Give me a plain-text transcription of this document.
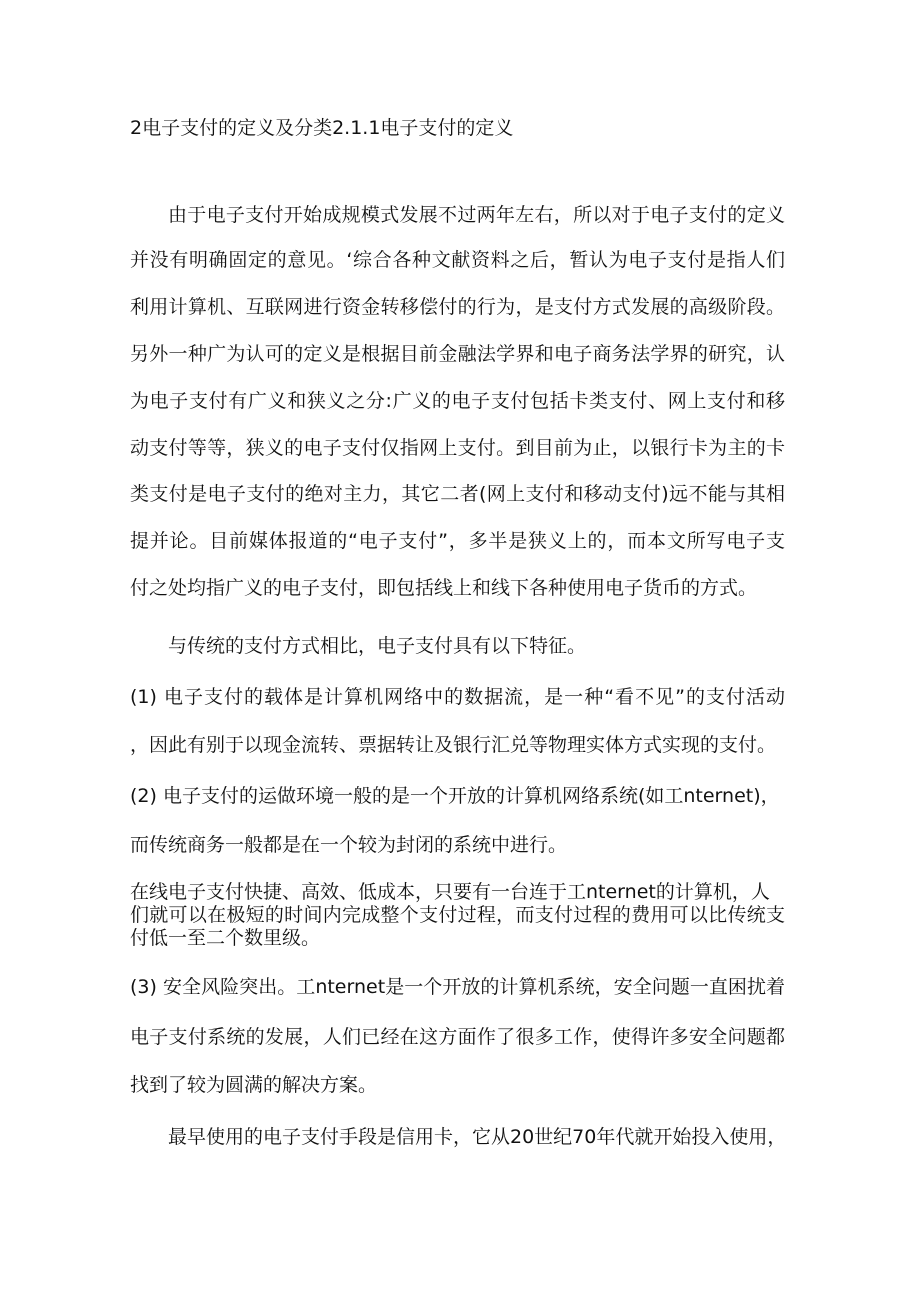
2电子支付的定义及分类2.1.1电子支付的定义
由于电子支付开始成规模式发展不过两年左右，所以对于电子支付的定义
并没有明确固定的意见。‘综合各种文献资料之后，暂认为电子支付是指人们
利用计算机、互联网进行资金转移偿付的行为，是支付方式发展的高级阶段。
另外一种广为认可的定义是根据目前金融法学界和电子商务法学界的研究，认
为电子支付有广义和狭义之分:广义的电子支付包括卡类支付、网上支付和移
动支付等等，狭义的电子支付仅指网上支付。到目前为止，以银行卡为主的卡
类支付是电子支付的绝对主力，其它二者(网上支付和移动支付)远不能与其相
提并论。目前媒体报道的“电子支付”，多半是狭义上的，而本文所写电子支
付之处均指广义的电子支付，即包括线上和线下各种使用电子货币的方式。
与传统的支付方式相比，电子支付具有以下特征。
(1) 电子支付的载体是计算机网络中的数据流，是一种“看不见”的支付活动
，因此有别于以现金流转、票据转让及银行汇兑等物理实体方式实现的支付。
(2) 电子支付的运做环境一般的是一个开放的计算机网络系统(如工nternet)，
而传统商务一般都是在一个较为封闭的系统中进行。
在线电子支付快捷、高效、低成本，只要有一台连于工nternet的计算机，人
们就可以在极短的时间内完成整个支付过程，而支付过程的费用可以比传统支
付低一至二个数里级。
(3) 安全风险突出。工nternet是一个开放的计算机系统，安全问题一直困扰着
电子支付系统的发展，人们已经在这方面作了很多工作，使得许多安全问题都
找到了较为圆满的解决方案。
最早使用的电子支付手段是信用卡，它从20世纪70年代就开始投入使用，
